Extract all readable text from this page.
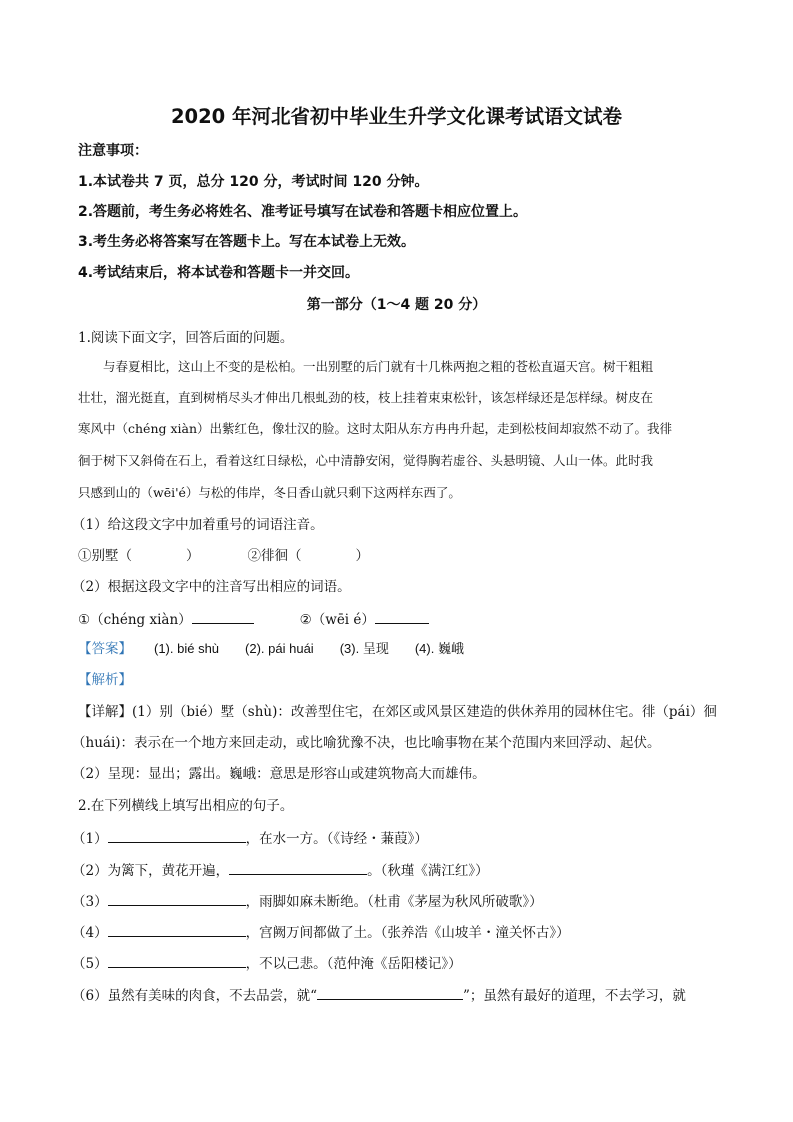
2020 年河北省初中毕业生升学文化课考试语文试卷
注意事项：
1.本试卷共 7 页，总分 120 分，考试时间 120 分钟。
2.答题前，考生务必将姓名、准考证号填写在试卷和答题卡相应位置上。
3.考生务必将答案写在答题卡上。写在本试卷上无效。
4.考试结束后，将本试卷和答题卡一并交回。
第一部分（1～4 题 20 分）
1.阅读下面文字，回答后面的问题。
与春夏相比，这山上不变的是松柏。一出别墅的后门就有十几株两抱之粗的苍松直逼天宫。树干粗粗
壮壮，溜光挺直，直到树梢尽头才伸出几根虬劲的枝，枝上挂着束束松针，该怎样绿还是怎样绿。树皮在
寒风中（chéng xiàn）出紫红色，像壮汉的脸。这时太阳从东方冉冉升起，走到松枝间却寂然不动了。我徘
徊于树下又斜倚在石上，看着这红日绿松，心中清静安闲，觉得胸若虚谷、头悬明镜、人山一体。此时我
只感到山的（wēi'é）与松的伟岸，冬日香山就只剩下这两样东西了。
（1）给这段文字中加着重号的词语注音。
①别墅（	）	②徘徊（	）
（2）根据这段文字中的注音写出相应的词语。
①（chéng xiàn）	②（wēi é）
【答案】 (1). bié shù (2). pái huái (3). 呈现 (4). 巍峨
【解析】
【详解】(1）别（bié）墅（shù)：改善型住宅，在郊区或风景区建造的供休养用的园林住宅。徘（pái）徊
（huái)：表示在一个地方来回走动，或比喻犹豫不决，也比喻事物在某个范围内来回浮动、起伏。
（2）呈现：显出；露出。巍峨：意思是形容山或建筑物高大而雄伟。
2.在下列横线上填写出相应的句子。
（1）	，在水一方。（《诗经・蒹葭》）
（2）为篱下，黄花开遍，	。（秋瑾《满江红》）
（3）	，雨脚如麻未断绝。（杜甫《茅屋为秋风所破歌》）
（4）	，宫阙万间都做了土。（张养浩《山坡羊・潼关怀古》）
（5）	，不以己悲。（范仲淹《岳阳楼记》）
（6）虽然有美味的肉食，不去品尝，就“	”；虽然有最好的道理，不去学习，就
